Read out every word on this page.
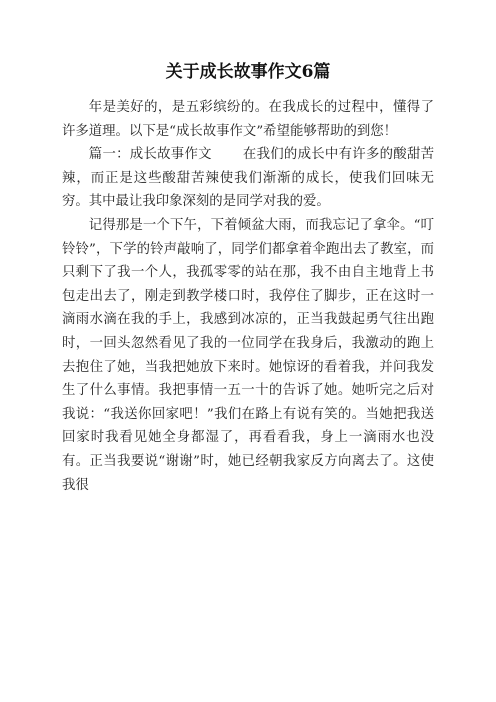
关于成长故事作文6篇

年是美好的，是五彩缤纷的。在我成长的过程中，懂得了许多道理。以下是“成长故事作文”希望能够帮助的到您！

篇一：成长故事作文 在我们的成长中有许多的酸甜苦辣，而正是这些酸甜苦辣使我们渐渐的成长，使我们回味无穷。其中最让我印象深刻的是同学对我的爱。

记得那是一个下午，下着倾盆大雨，而我忘记了拿伞。“叮铃铃”，下学的铃声敲响了，同学们都拿着伞跑出去了教室，而只剩下了我一个人，我孤零零的站在那，我不由自主地背上书包走出去了，刚走到教学楼口时，我停住了脚步，正在这时一滴雨水滴在我的手上，我感到冰凉的，正当我鼓起勇气往出跑时，一回头忽然看见了我的一位同学在我身后，我激动的跑上去抱住了她，当我把她放下来时。她惊讶的看着我，并问我发生了什么事情。我把事情一五一十的告诉了她。她听完之后对我说：“我送你回家吧！”我们在路上有说有笑的。当她把我送回家时我看见她全身都湿了，再看看我，身上一滴雨水也没有。正当我要说“谢谢”时，她已经朝我家反方向离去了。这使我很
